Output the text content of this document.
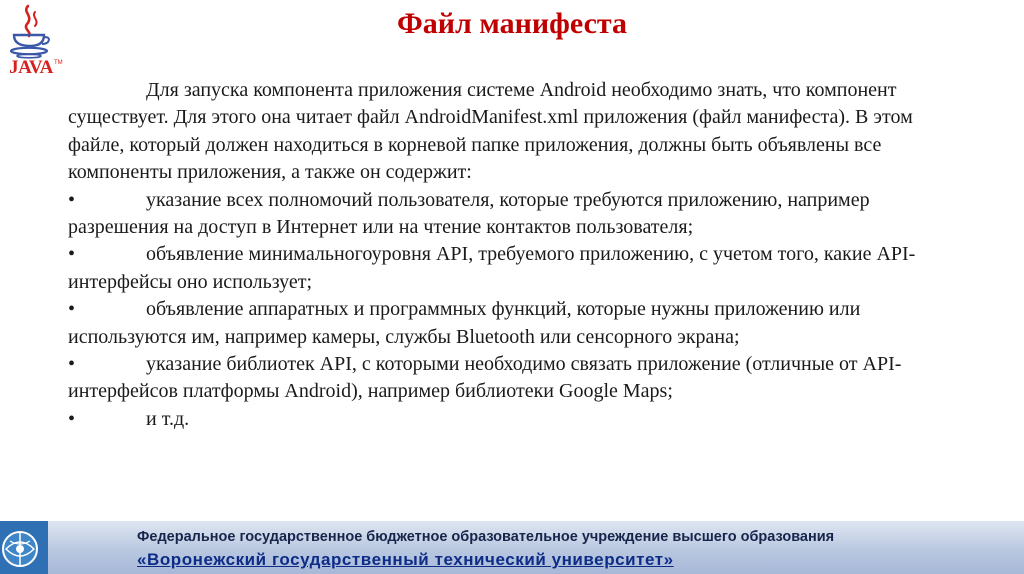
JAVA TM
Файл манифеста

Для запуска компонента приложения системе Android необходимо знать, что компонент существует. Для этого она читает файл AndroidManifest.xml приложения (файл манифеста). В этом файле, который должен находиться в корневой папке приложения, должны быть объявлены все компоненты приложения, а также он содержит:

•	указание всех полномочий пользователя, которые требуются приложению, например разрешения на доступ в Интернет или на чтение контактов пользователя;

•	объявление минимальногоуровня API, требуемого приложению, с учетом того, какие API-интерфейсы оно использует;

•	объявление аппаратных и программных функций, которые нужны приложению или используются им, например камеры, службы Bluetooth или сенсорного экрана;

•	указание библиотек API, с которыми необходимо связать приложение (отличные от API-интерфейсов платформы Android), например библиотеки Google Maps;

•	и т.д.

Федеральное государственное бюджетное образовательное учреждение высшего образования
«Воронежский государственный технический университет»
